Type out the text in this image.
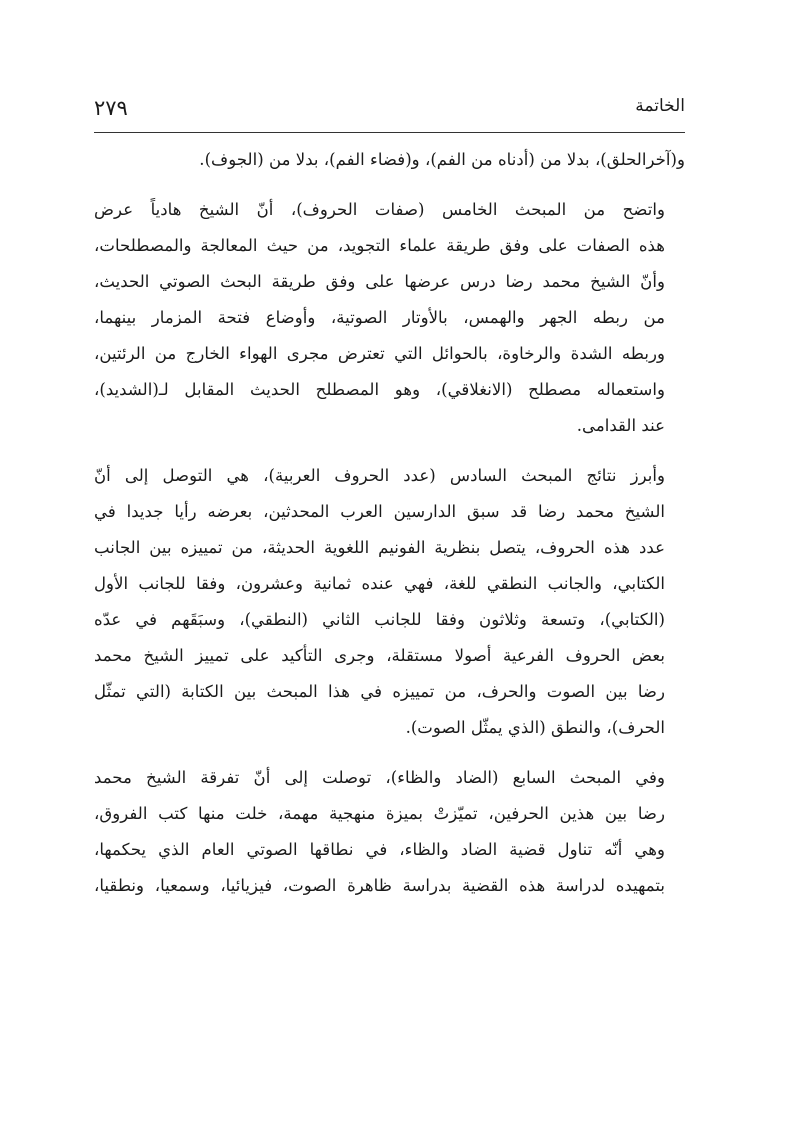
٢٧٩	الخاتمة

و(آخرالحلق)، بدلا من (أدناه من الفم)، و(فضاء الفم)، بدلا من (الجوف).

واتضح من المبحث الخامس (صفات الحروف)، أنّ الشيخ هادياً عرض
هذه الصفات على وفق طريقة علماء التجويد، من حيث المعالجة والمصطلحات،
وأنّ الشيخ محمد رضا درس عرضها على وفق طريقة البحث الصوتي الحديث،
من ربطه الجهر والهمس، بالأوتار الصوتية، وأوضاع فتحة المزمار بينهما،
وربطه الشدة والرخاوة، بالحوائل التي تعترض مجرى الهواء الخارج من الرئتين،
واستعماله مصطلح (الانغلاقي)، وهو المصطلح الحديث المقابل لـ(الشديد)،
عند القدامى.

وأبرز نتائج المبحث السادس (عدد الحروف العربية)، هي التوصل إلى أنّ
الشيخ محمد رضا قد سبق الدارسين العرب المحدثين، بعرضه رأيا جديدا في
عدد هذه الحروف، يتصل بنظرية الفونيم اللغوية الحديثة، من تمييزه بين الجانب
الكتابي، والجانب النطقي للغة، فهي عنده ثمانية وعشرون، وفقا للجانب الأول
(الكتابي)، وتسعة وثلاثون وفقا للجانب الثاني (النطقي)، وسبَقَهم في عدّه
بعض الحروف الفرعية أصولا مستقلة، وجرى التأكيد على تمييز الشيخ محمد
رضا بين الصوت والحرف، من تمييزه في هذا المبحث بين الكتابة (التي تمثّل
الحرف)، والنطق (الذي يمثّل الصوت).

وفي المبحث السابع (الضاد والظاء)، توصلت إلى أنّ تفرقة الشيخ محمد
رضا بين هذين الحرفين، تميّزتْ بميزة منهجية مهمة، خلت منها كتب الفروق،
وهي أنّه تناول قضية الضاد والظاء، في نطاقها الصوتي العام الذي يحكمها،
بتمهيده لدراسة هذه القضية بدراسة ظاهرة الصوت، فيزيائيا، وسمعيا، ونطقيا،
